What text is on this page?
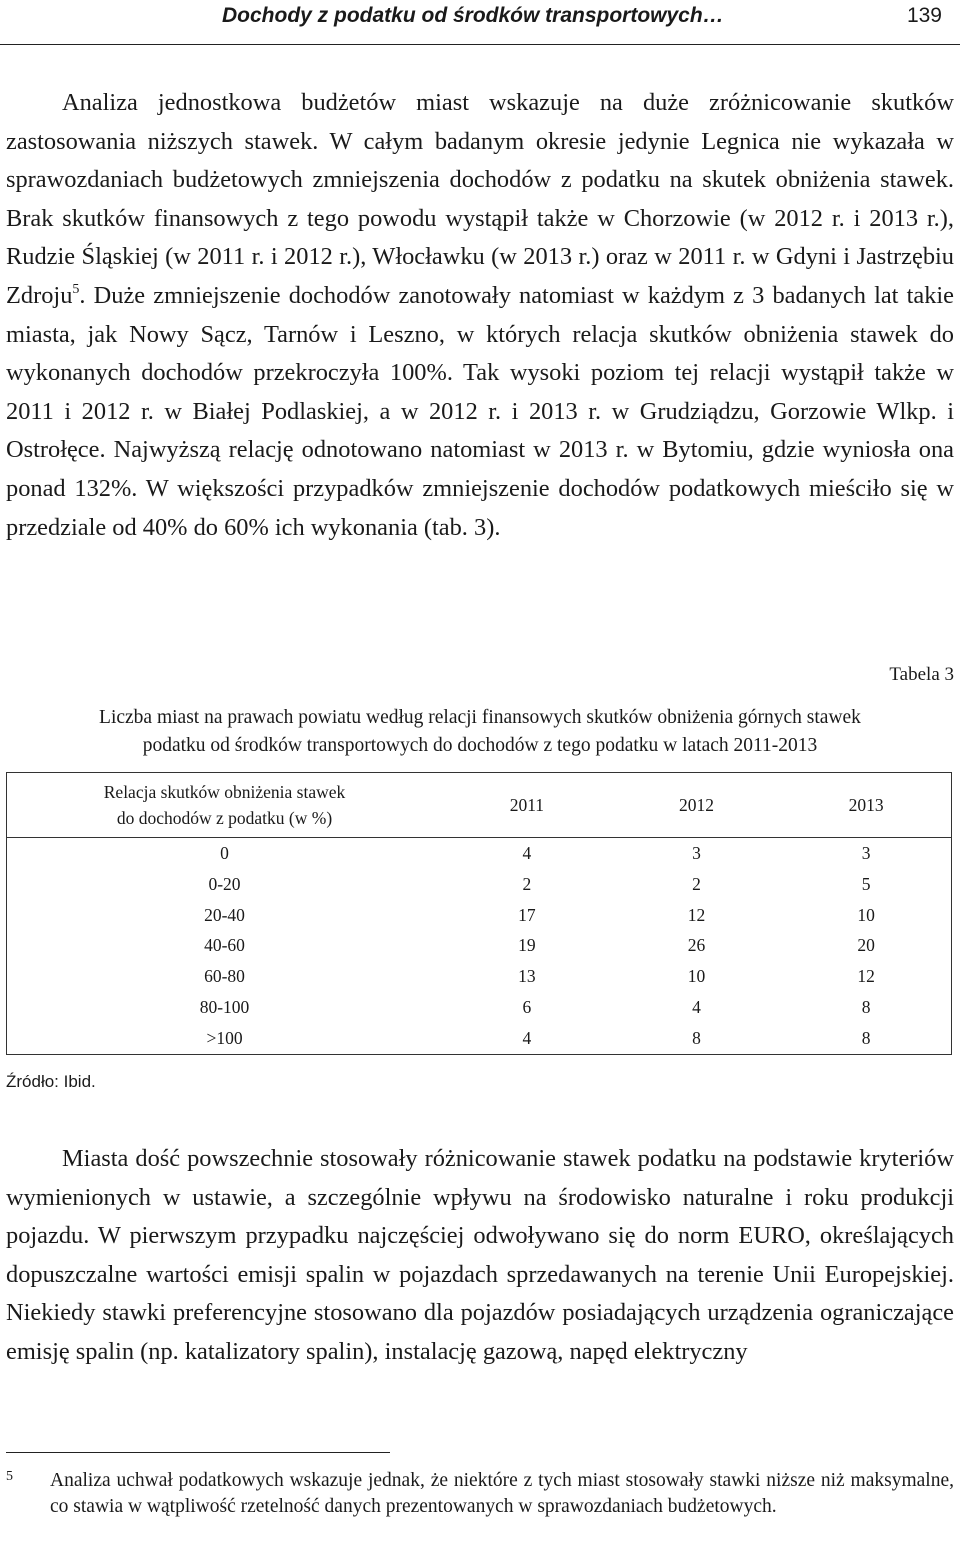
Dochody z podatku od środków transportowych…	139

Analiza jednostkowa budżetów miast wskazuje na duże zróżnicowanie skutków zastosowania niższych stawek. W całym badanym okresie jedynie Legnica nie wykazała w sprawozdaniach budżetowych zmniejszenia dochodów z podatku na skutek obniżenia stawek. Brak skutków finansowych z tego powodu wystąpił także w Chorzowie (w 2012 r. i 2013 r.), Rudzie Śląskiej (w 2011 r. i 2012 r.), Włocławku (w 2013 r.) oraz w 2011 r. w Gdyni i Jastrzębiu Zdroju$^5$. Duże zmniejszenie dochodów zanotowały natomiast w każdym z 3 badanych lat takie miasta, jak Nowy Sącz, Tarnów i Leszno, w których relacja skutków obniżenia stawek do wykonanych dochodów przekroczyła 100%. Tak wysoki poziom tej relacji wystąpił także w 2011 i 2012 r. w Białej Podlaskiej, a w 2012 r. i 2013 r. w Grudziądzu, Gorzowie Wlkp. i Ostrołęce. Najwyższą relację odnotowano natomiast w 2013 r. w Bytomiu, gdzie wyniosła ona ponad 132%. W większości przypadków zmniejszenie dochodów podatkowych mieściło się w przedziale od 40% do 60% ich wykonania (tab. 3).

Tabela 3
Liczba miast na prawach powiatu według relacji finansowych skutków obniżenia górnych stawek
podatku od środków transportowych do dochodów z tego podatku w latach 2011-2013
Relacja skutków obniżenia stawek
do dochodów z podatku (w %)	2011	2012	2013
0	4	3	3
0-20	2	2	5
20-40	17	12	10
40-60	19	26	20
60-80	13	10	12
80-100	6	4	8
>100	4	8	8
Źródło: Ibid.

Miasta dość powszechnie stosowały różnicowanie stawek podatku na podstawie kryteriów wymienionych w ustawie, a szczególnie wpływu na środowisko naturalne i roku produkcji pojazdu. W pierwszym przypadku najczęściej odwoływano się do norm EURO, określających dopuszczalne wartości emisji spalin w pojazdach sprzedawanych na terenie Unii Europejskiej. Niekiedy stawki preferencyjne stosowano dla pojazdów posiadających urządzenia ograniczające emisję spalin (np. katalizatory spalin), instalację gazową, napęd elektryczny

5 Analiza uchwał podatkowych wskazuje jednak, że niektóre z tych miast stosowały stawki niższe niż maksymalne, co stawia w wątpliwość rzetelność danych prezentowanych w sprawozdaniach budżetowych.
